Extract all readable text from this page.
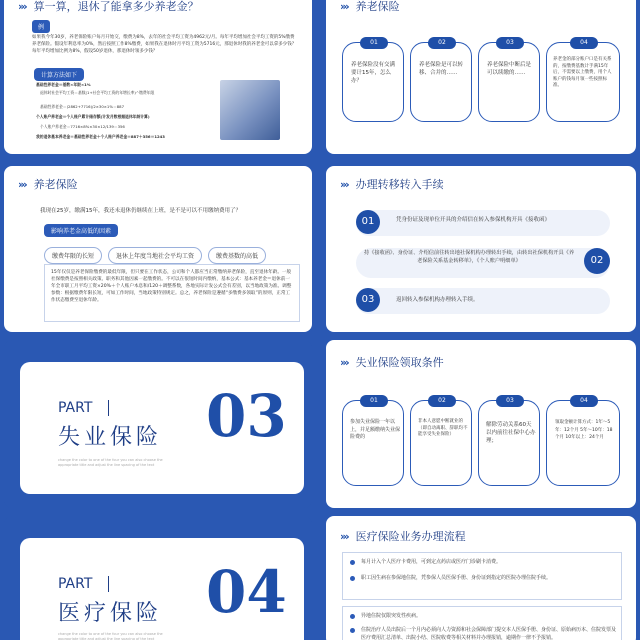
››› 算一算，退休了能拿多少养老金？
例
如果我今年30岁，养老保险账户每月开始交，缴费为8%，去年的社会平均工资为4962元/月。每年平均增加社会平均工资的5%缴费养老保险。假设年利息率为0%，然后按照工作8%缴费，如果我在退休时月平均工资为5716元，那退休时我的养老金可以拿多少钱？每年平均增加比例为8%，假设50岁退休，那退休时领多少钱？
计算方法如下
基础性养老金＝基数×年限×1%
退休时社会平均工资＝基数(1+社会平均工资的年增长率)^缴费年限
基础性养老金＝(2862+7716)/2×30×1%＝887
个人账户养老金＝个人账户累计储存额(计发月数根据退休年龄计算)
个人账户养老金＝7716×8%×30×12/139＝356
我的退休基本养老金＝基础性养老金＋个人账户养老金＝887＋356＝1243
››› 养老保险
01
养老保险没有交满要计15年，怎么办？
02
养老保险是可以转移、合并的……
03
养老保险中断后是可以续缴的……
04
养老金的部分账户口是有关系的，按缴费基数计手满15年后，不需要以上缴费，用个人账户的钱每月领一些按照标准。
››› 养老保险
我现在25岁，缴满15年，我还未退休仍继续在上班，是不是可以不用缴纳费用了？
影响养老金高低的因素
缴费年限的长短	退休上年度当地社会平均工资	缴费基数的高低
15年仅仅是养老保险缴费的最低年限，但只要在工作状态，公司和个人都应当正常缴纳养老保险，直至退休年龄。一般社保缴费是按照相关政策、职务和其他因素一起缴费的。不可以在很短时间内缴纳，基本公式：基本养老金＝退休前一年全市职工月平均工资×20%＋个人账户本息和/120＋调整系数，各地实际计发公式会有差别，以当地政策为准。调整参数：根据缴费年限长短，可如工作时间，当地政策特别规定。总之，养老保险是遵循“多缴费多领取”的原则，正常工作状态缴费至退休年龄。
››› 办理转移转入手续
01	凭身份证及现单位开具的介绍信在转入参保机构开具《接收函》
持《接收函》、身份证、介绍信前往转出地社保机构办理转出手续，由转出社保机构开具《养老保险关系基金转移单》，《个人账户明细单》	02
03	返回转入参保机构办理转入手续。
PART
失业保险
change the color to one of the four you can also choose the appropriate title and adjust the line spacing of the text
03
››› 失业保险领取条件
01
参加失业保险一年以上，并足额缴纳失业保险费的
02
非本人意愿中断就业的（即自动离职、辞职均不能享受失业保险）
03
解除劳动关系60天以内前往社保中心办理；
04
领取金额计算方式：1年～5年：12个月 5年～10年：18个月 10年以上：24个月
PART
医疗保险
change the color to one of the four you can also choose the appropriate title and adjust the line spacing of the text
04
››› 医疗保险业务办理流程
每月计入个人医疗卡费用，可到定点药店或医疗门诊刷卡消费。
职工因生病在参保地住院，凭参保人员医保手册、身份证到指定的医院办理住院手续。
异地住院仅限突发性疾病。
住院治疗人员出院后一个月内必须向人力资源和社会保障部门提交本人医保手册、身份证、原始病历本、住院发票及医疗费用汇总清单、出院小结、医院收费等相关材料并办理报销，逾期作一律不予报销。
